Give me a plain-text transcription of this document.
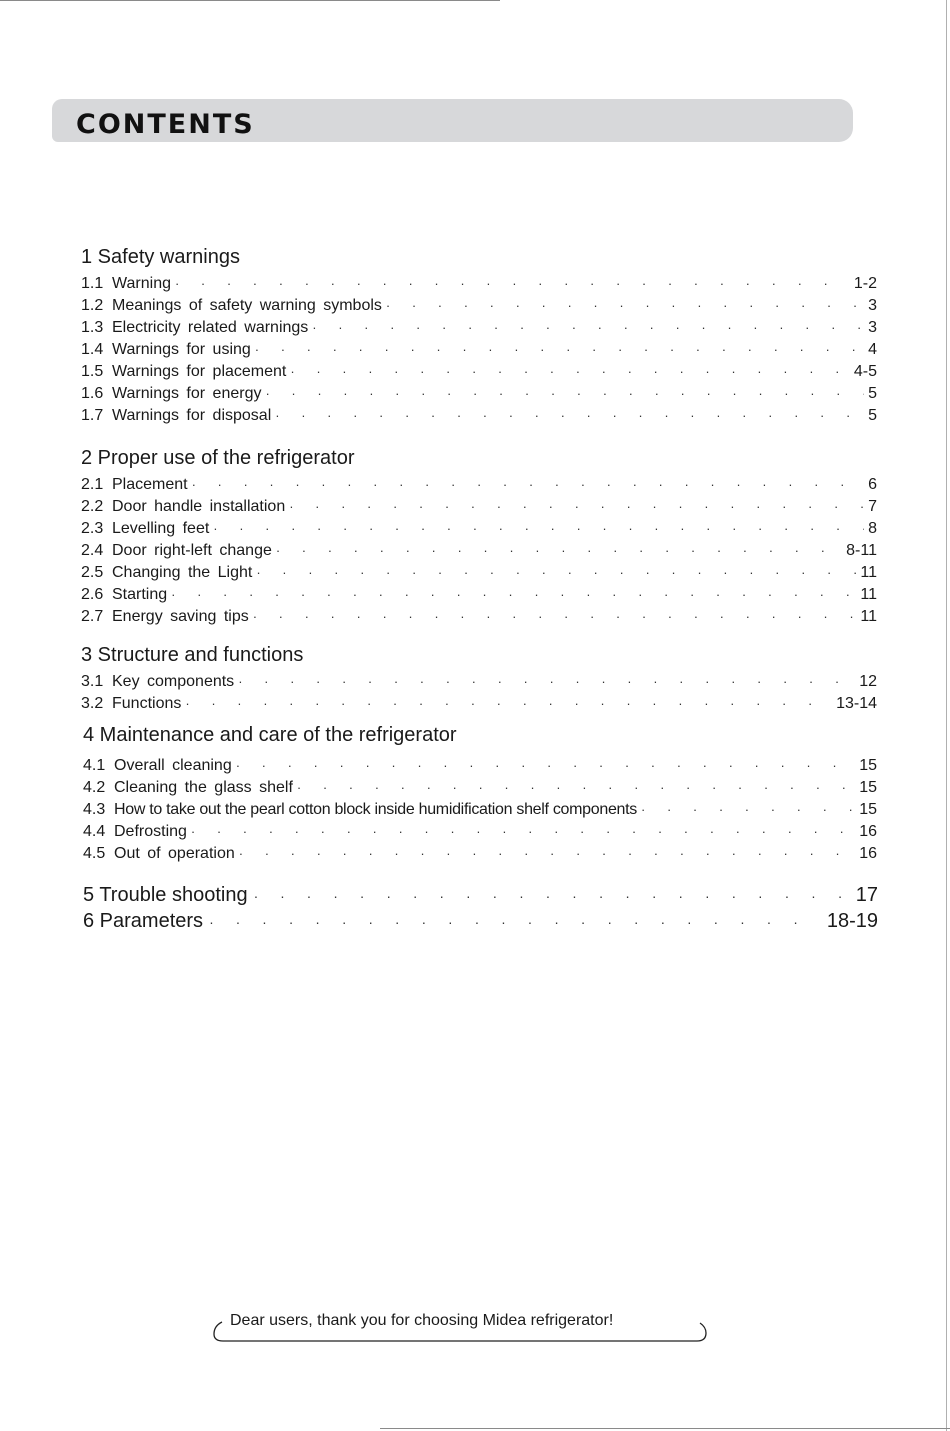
CONTENTS
1 Safety warnings
1.1 Warning · · ·	1-2
1.2 Meanings of safety warning symbols · · ·	3
1.3 Electricity related warnings · · ·	3
1.4 Warnings for using · · ·	4
1.5 Warnings for placement · · ·	4-5
1.6 Warnings for energy · · ·	5
1.7 Warnings for disposal · · ·	5
2 Proper use of the refrigerator
2.1 Placement · · ·	6
2.2 Door handle installation · · ·	7
2.3 Levelling feet · · ·	8
2.4 Door right-left change · · ·	8-11
2.5 Changing the Light · · ·	11
2.6 Starting · · ·	11
2.7 Energy saving tips · · ·	11
3 Structure and functions
3.1 Key components · · ·	12
3.2 Functions · · ·	13-14
4 Maintenance and care of the refrigerator
4.1 Overall cleaning · · ·	15
4.2 Cleaning the glass shelf · · ·	15
4.3 How to take out the pearl cotton block inside humidification shelf components · · ·	15
4.4 Defrosting · · ·	16
4.5 Out of operation · · ·	16
5 Trouble shooting · · ·	17
6 Parameters · · ·	18-19
Dear users, thank you for choosing Midea refrigerator!
